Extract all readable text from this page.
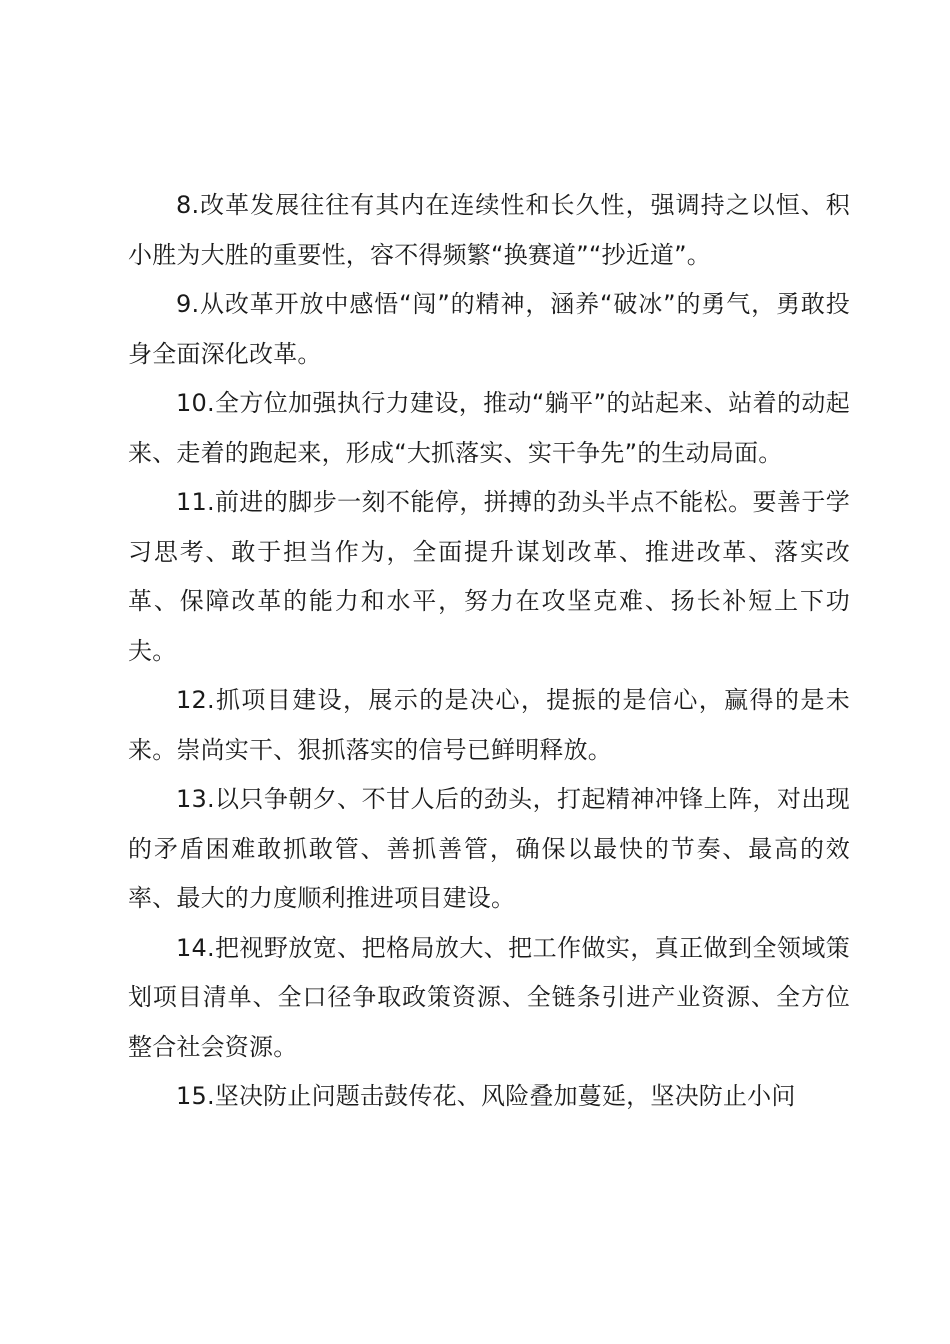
8.改革发展往往有其内在连续性和长久性，强调持之以恒、积小胜为大胜的重要性，容不得频繁“换赛道”“抄近道”。

9.从改革开放中感悟“闯”的精神，涵养“破冰”的勇气，勇敢投身全面深化改革。

10.全方位加强执行力建设，推动“躺平”的站起来、站着的动起来、走着的跑起来，形成“大抓落实、实干争先”的生动局面。

11.前进的脚步一刻不能停，拼搏的劲头半点不能松。要善于学习思考、敢于担当作为，全面提升谋划改革、推进改革、落实改革、保障改革的能力和水平，努力在攻坚克难、扬长补短上下功夫。

12.抓项目建设，展示的是决心，提振的是信心，赢得的是未来。崇尚实干、狠抓落实的信号已鲜明释放。

13.以只争朝夕、不甘人后的劲头，打起精神冲锋上阵，对出现的矛盾困难敢抓敢管、善抓善管，确保以最快的节奏、最高的效率、最大的力度顺利推进项目建设。

14.把视野放宽、把格局放大、把工作做实，真正做到全领域策划项目清单、全口径争取政策资源、全链条引进产业资源、全方位整合社会资源。

15.坚决防止问题击鼓传花、风险叠加蔓延，坚决防止小问
